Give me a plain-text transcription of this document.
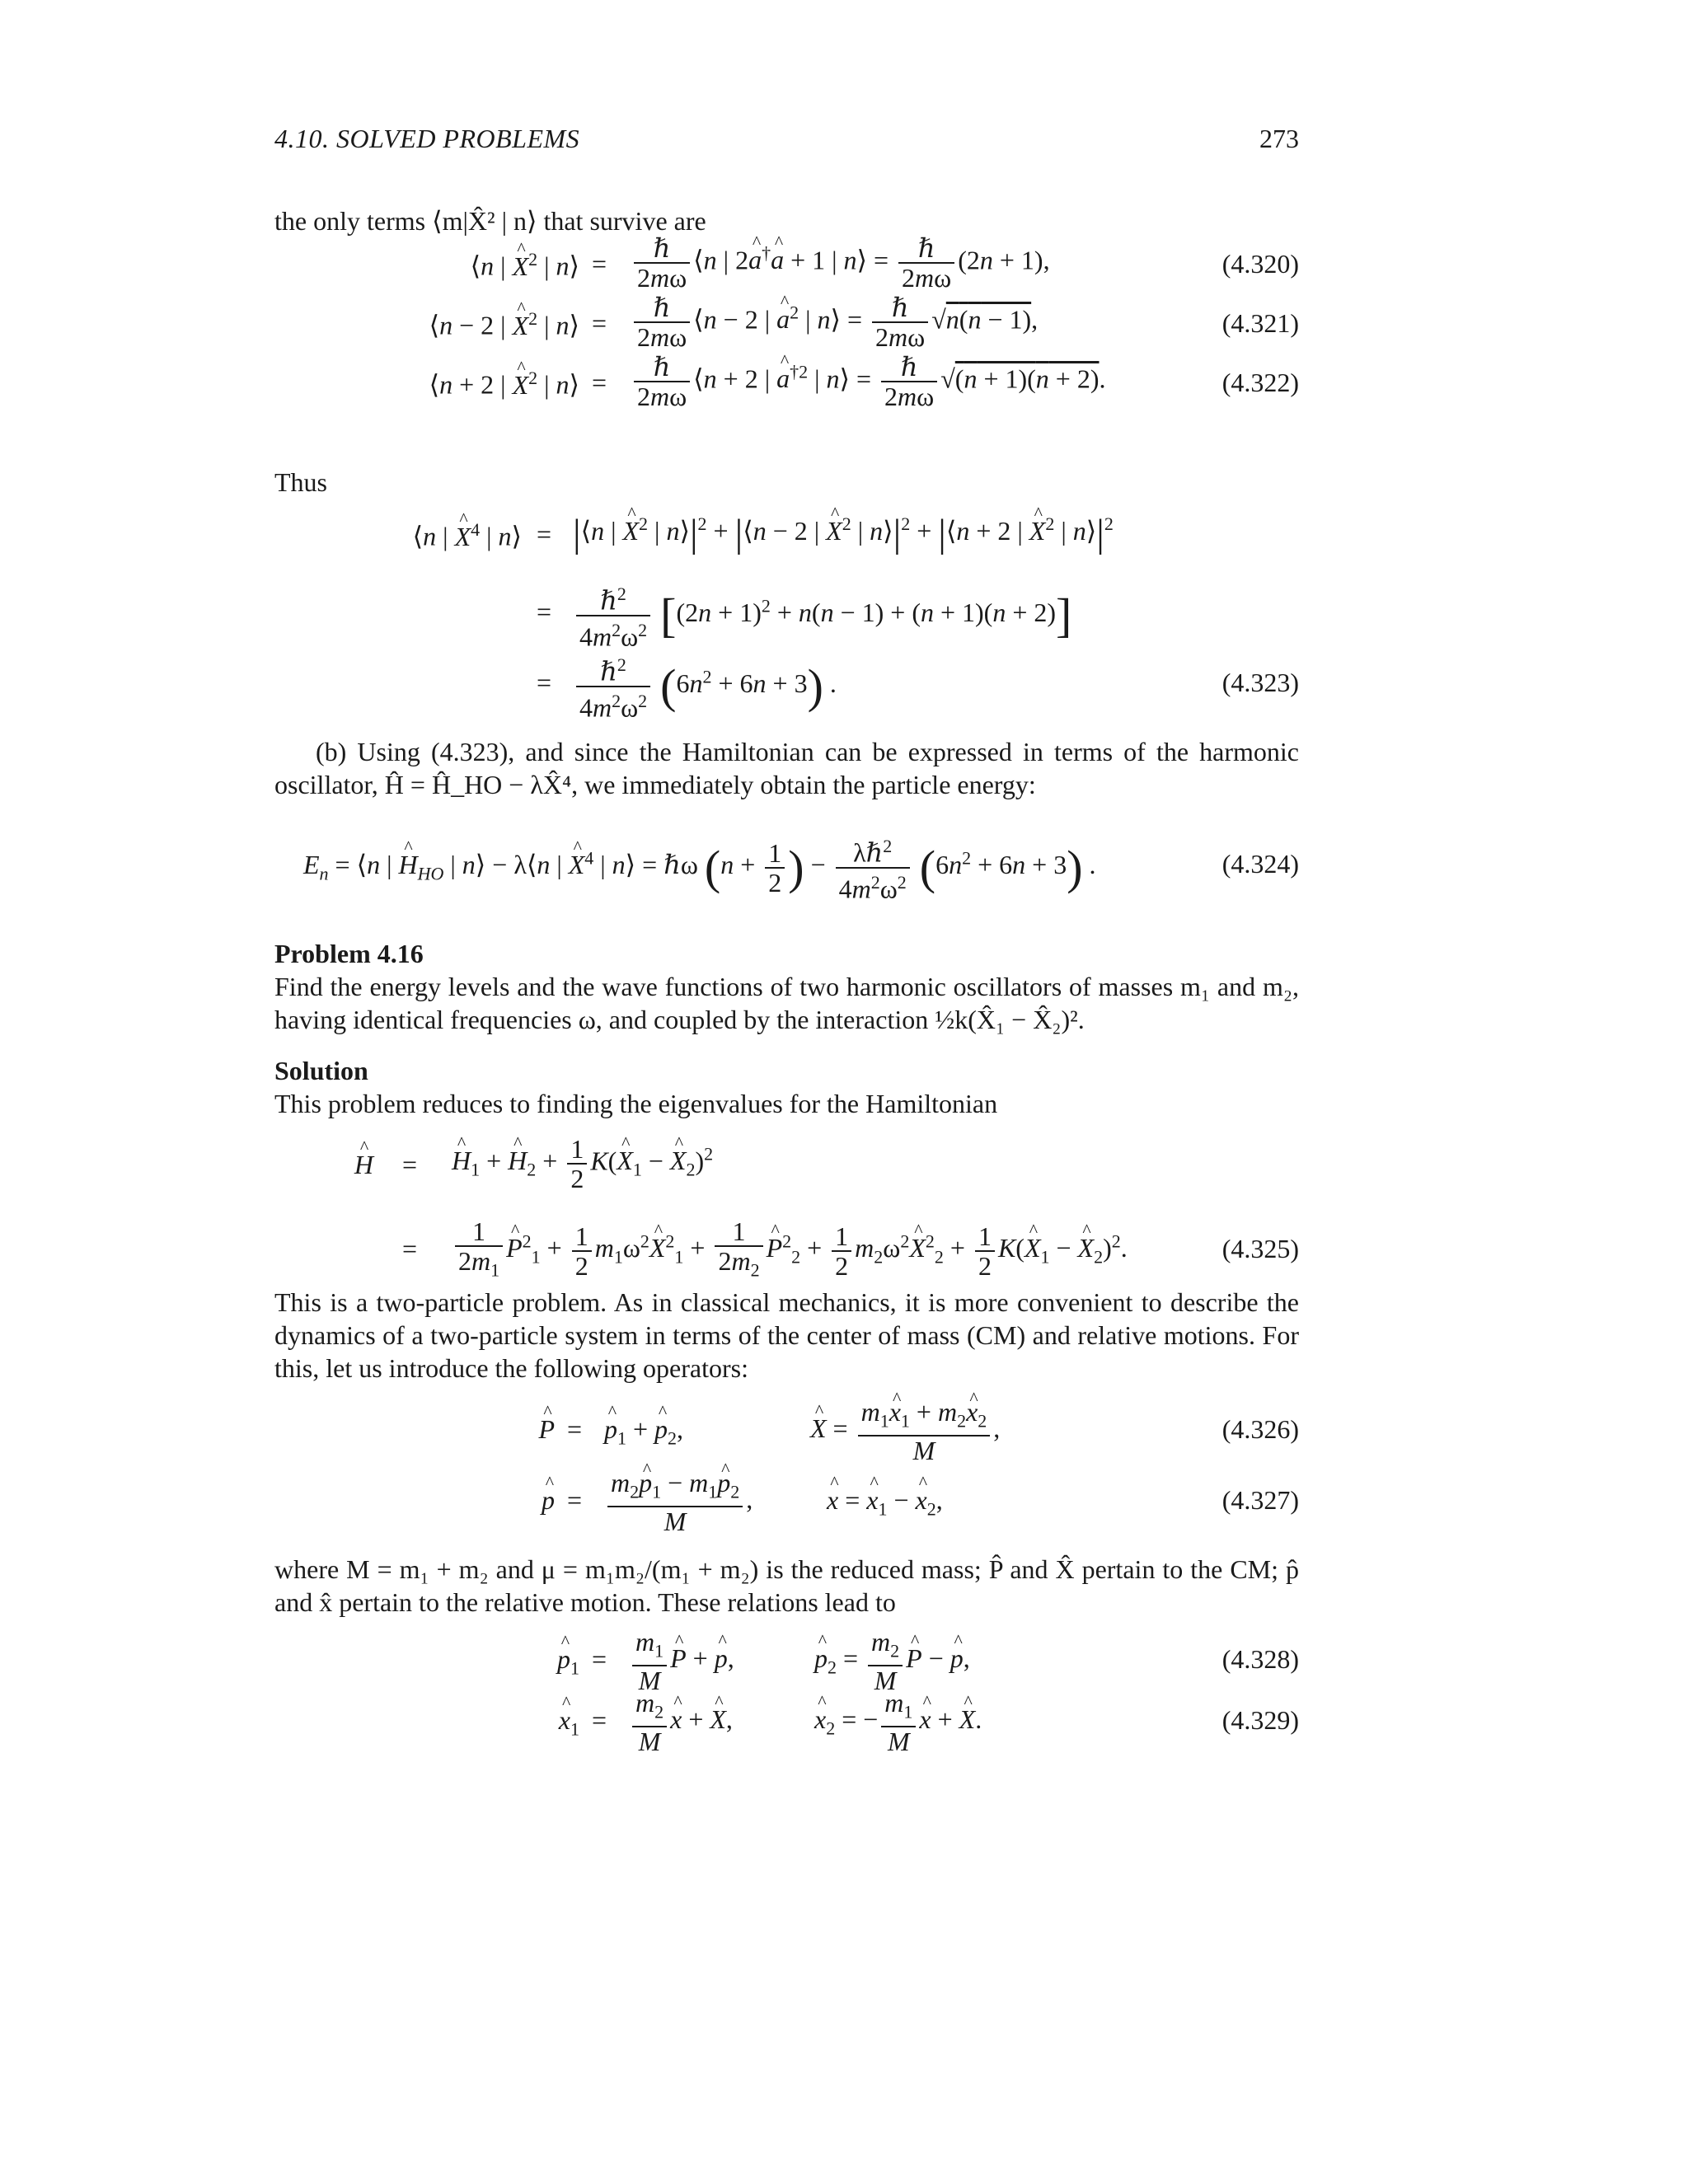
4.10. SOLVED PROBLEMS	273
the only terms ⟨m|X̂² | n⟩ that survive are
⟨n | ^ $X^2$ | n⟩ = $\frac{\text{ℏ}}{2m\omega}$ ⟨n | 2^ a†^ a + 1 | n⟩ = $\frac{\text{ℏ}}{2m\omega} (2n + 1)$,	(4.320)
⟨n − 2 | ^ $X^2$ | n⟩ = $\frac{\text{ℏ}}{2m\omega}$ ⟨n − 2 | ^ $a^2$ | n⟩ = $\frac{\text{ℏ}}{2m\omega} √n(n - 1)$,	(4.321)
⟨n + 2 | ^ $X^2$ | n⟩ = $\frac{\text{ℏ}}{2m\omega}$ ⟨n + 2 | ^ $a^{\dagger 2}$ | n⟩ = $\frac{\text{ℏ}}{2m\omega} √(n + 1)(n + 2)$.	(4.322)
Thus
⟨n | ^ $X^4$ | n⟩ = |⟨n | ^ $X^2$ | $n⟩|^2$ + |⟨n − 2 | ^ $X^2$ | $n⟩|^2$ + |⟨n + 2 | ^ $X^2$ | $n⟩|^2$
= $\frac{\hbar^2}{4m^2\omega^2} [(2n + 1)^2 + n(n - 1) + (n + 1)(n + 2)]$
= $\frac{\hbar^2}{4m^2\omega^2} (6n^2 + 6n + 3)$ .	(4.323)
(b) Using (4.323), and since the Hamiltonian can be expressed in terms of the harmonic oscillator, Ĥ = Ĥ_HO − λX̂⁴, we immediately obtain the particle energy:
$E_n$ = ⟨n | ^ $H_{HO}$ | n⟩ − λ⟨n | ^ $X^4$ | n⟩ = ℏω ($n + \frac{1}{2}$ ) − $\frac{\lambda\hbar^2}{4m^2\omega^2} (6n^2 + 6n + 3)$ .	(4.324)
Problem 4.16
Find the energy levels and the wave functions of two harmonic oscillators of masses m₁ and m₂, having identical frequencies ω, and coupled by the interaction ½k(X̂₁ − X̂₂)².
Solution
This problem reduces to finding the eigenvalues for the Hamiltonian
^ H = ^ $H_1$ + ^ $H_2 + \frac{1}{2}$ K(^ $X_1$ − ^ $X_2)^2$
= $\frac{1}{2m_1}$ ^ $P^2_1 + \frac{1}{2}$ $m_1\omega^2\^{}$ $X^2_1 + \frac{1}{2m_2}$ ^ $P^2_2 + \frac{1}{2}$ $m_2\omega^2\^{}$ $X^2_2 + \frac{1}{2}$ K(^ $X_1$ − ^ $X_2)^2$.	(4.325)
This is a two-particle problem. As in classical mechanics, it is more convenient to describe the dynamics of a two-particle system in terms of the center of mass (CM) and relative motions. For this, let us introduce the following operators:
^ P = ^ $p_1$ + ^ $p_2$,	^ $X = \frac{m_1\^{} x_1 + m_2\^{} x_2}{M}$ ,	(4.326)
^ $p = \frac{m_2\^{} p_1 - m_1\^{} p_2}{M}$ ,	^ x = ^ $x_1$ − ^ $x_2$,	(4.327)
where M = m₁ + m₂ and μ = m₁m₂/(m₁ + m₂) is the reduced mass; P̂ and X̂ pertain to the CM; p̂ and x̂ pertain to the relative motion. These relations lead to
^ $p_1 = \frac{m_1}{M}$ ^ P + ^ p,	^ $p_2 = \frac{m_2}{M}$ ^ P − ^ p,	(4.328)
^ $x_1 = \frac{m_2}{M}$ ^ x + ^ X,	^ $x_2$ = − $\frac{m_1}{M}$ ^ x + ^ X.	(4.329)
